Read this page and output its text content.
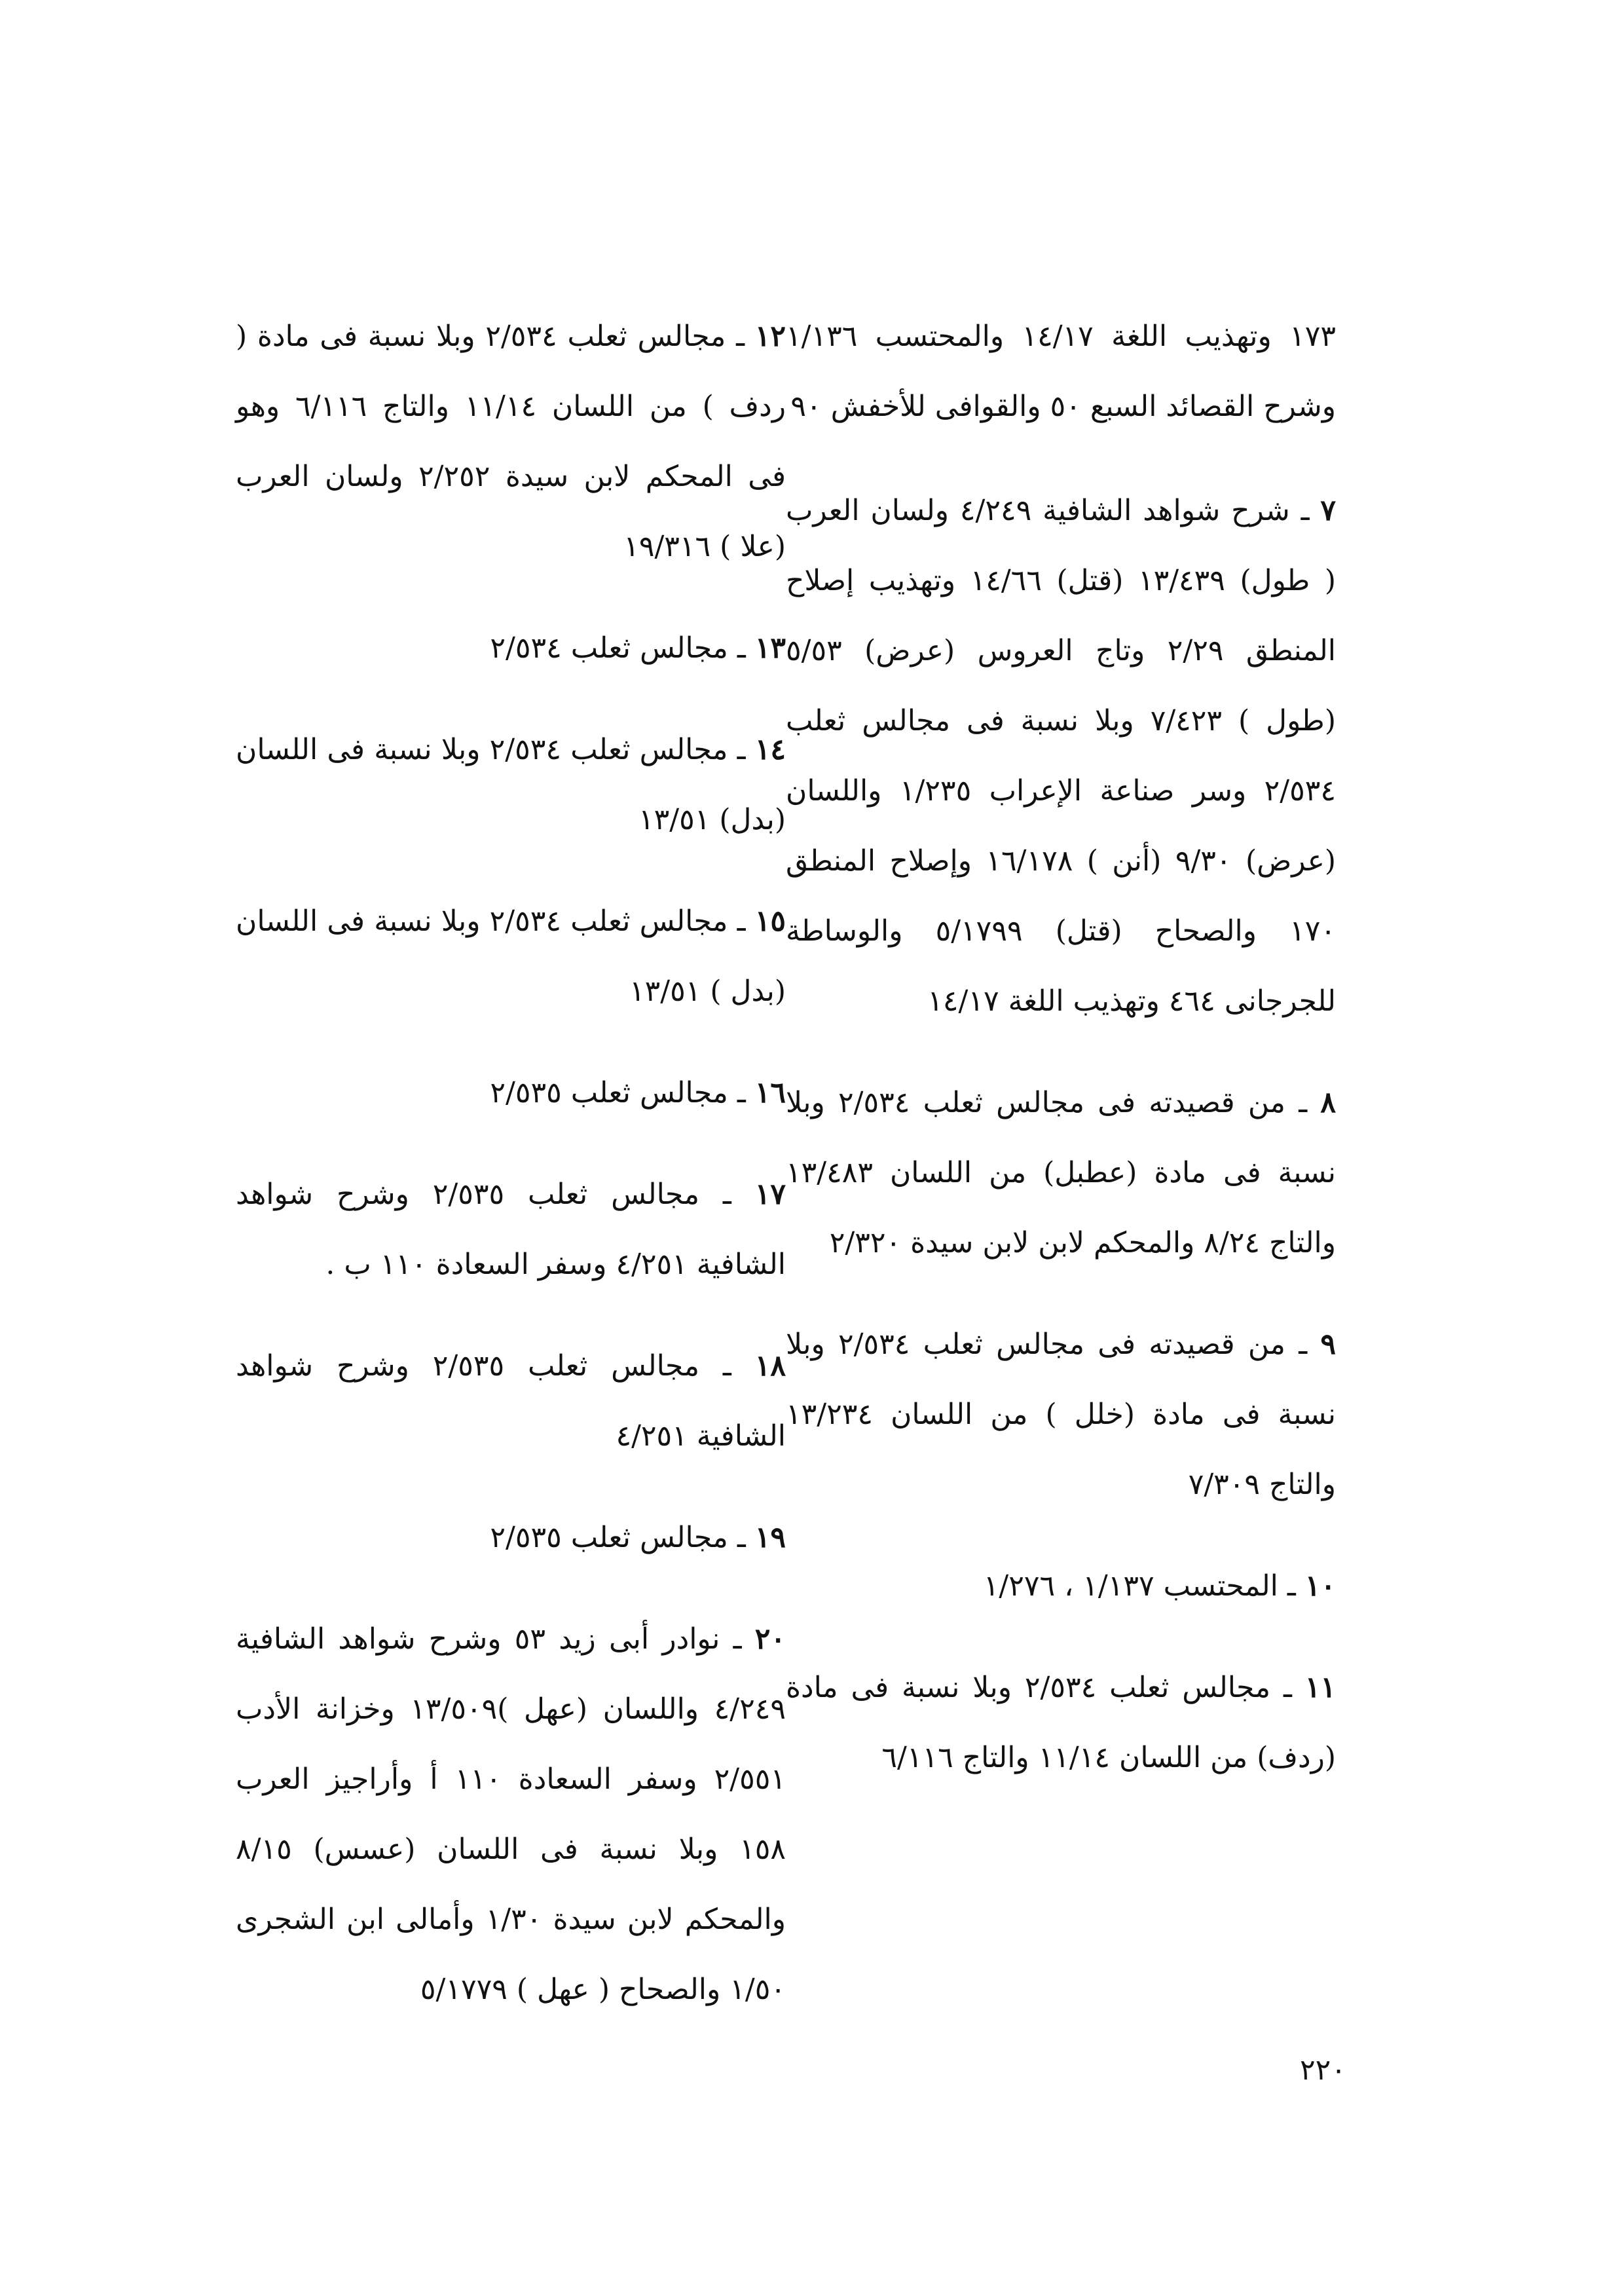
١٧٣ وتهذيب اللغة ١٤/١٧ والمحتسب ١/١٣٦ وشرح القصائد السبع ٥٠ والقوافى للأخفش ٩٠
٧ ـ شرح شواهد الشافية ٤/٢٤٩ ولسان العرب ( طول) ١٣/٤٣٩ (قتل) ١٤/٦٦ وتهذيب إصلاح المنطق ٢/٢٩ وتاج العروس (عرض) ٥/٥٣ (طول ) ٧/٤٢٣ وبلا نسبة فى مجالس ثعلب ٢/٥٣٤ وسر صناعة الإعراب ١/٢٣٥ واللسان (عرض) ٩/٣٠ (أنن ) ١٦/١٧٨ وإصلاح المنطق ١٧٠ والصحاح (قتل) ٥/١٧٩٩ والوساطة للجرجانى ٤٦٤ وتهذيب اللغة ١٤/١٧
٨ ـ من قصيدته فى مجالس ثعلب ٢/٥٣٤ وبلا نسبة فى مادة (عطبل) من اللسان ١٣/٤٨٣ والتاج ٨/٢٤ والمحكم لابن لابن سيدة ٢/٣٢٠
٩ ـ من قصيدته فى مجالس ثعلب ٢/٥٣٤ وبلا نسبة فى مادة (خلل ) من اللسان ١٣/٢٣٤ والتاج ٧/٣٠٩
١٠ ـ المحتسب ١/١٣٧ ، ١/٢٧٦
١١ ـ مجالس ثعلب ٢/٥٣٤ وبلا نسبة فى مادة (ردف) من اللسان ١١/١٤ والتاج ٦/١١٦
١٢ ـ مجالس ثعلب ٢/٥٣٤ وبلا نسبة فى مادة ( ردف ) من اللسان ١١/١٤ والتاج ٦/١١٦ وهو فى المحكم لابن سيدة ٢/٢٥٢ ولسان العرب (علا ) ١٩/٣١٦
١٣ ـ مجالس ثعلب ٢/٥٣٤
١٤ ـ مجالس ثعلب ٢/٥٣٤ وبلا نسبة فى اللسان (بدل) ١٣/٥١
١٥ ـ مجالس ثعلب ٢/٥٣٤ وبلا نسبة فى اللسان (بدل ) ١٣/٥١
١٦ ـ مجالس ثعلب ٢/٥٣٥
١٧ ـ مجالس ثعلب ٢/٥٣٥ وشرح شواهد الشافية ٤/٢٥١ وسفر السعادة ١١٠ ب .
١٨ ـ مجالس ثعلب ٢/٥٣٥ وشرح شواهد الشافية ٤/٢٥١
١٩ ـ مجالس ثعلب ٢/٥٣٥
٢٠ ـ نوادر أبى زيد ٥٣ وشرح شواهد الشافية ٤/٢٤٩ واللسان (عهل )١٣/٥٠٩ وخزانة الأدب ٢/٥٥١ وسفر السعادة ١١٠ أ وأراجيز العرب ١٥٨ وبلا نسبة فى اللسان (عسس) ٨/١٥ والمحكم لابن سيدة ١/٣٠ وأمالى ابن الشجرى ١/٥٠ والصحاح ( عهل ) ٥/١٧٧٩
٢٢٠
